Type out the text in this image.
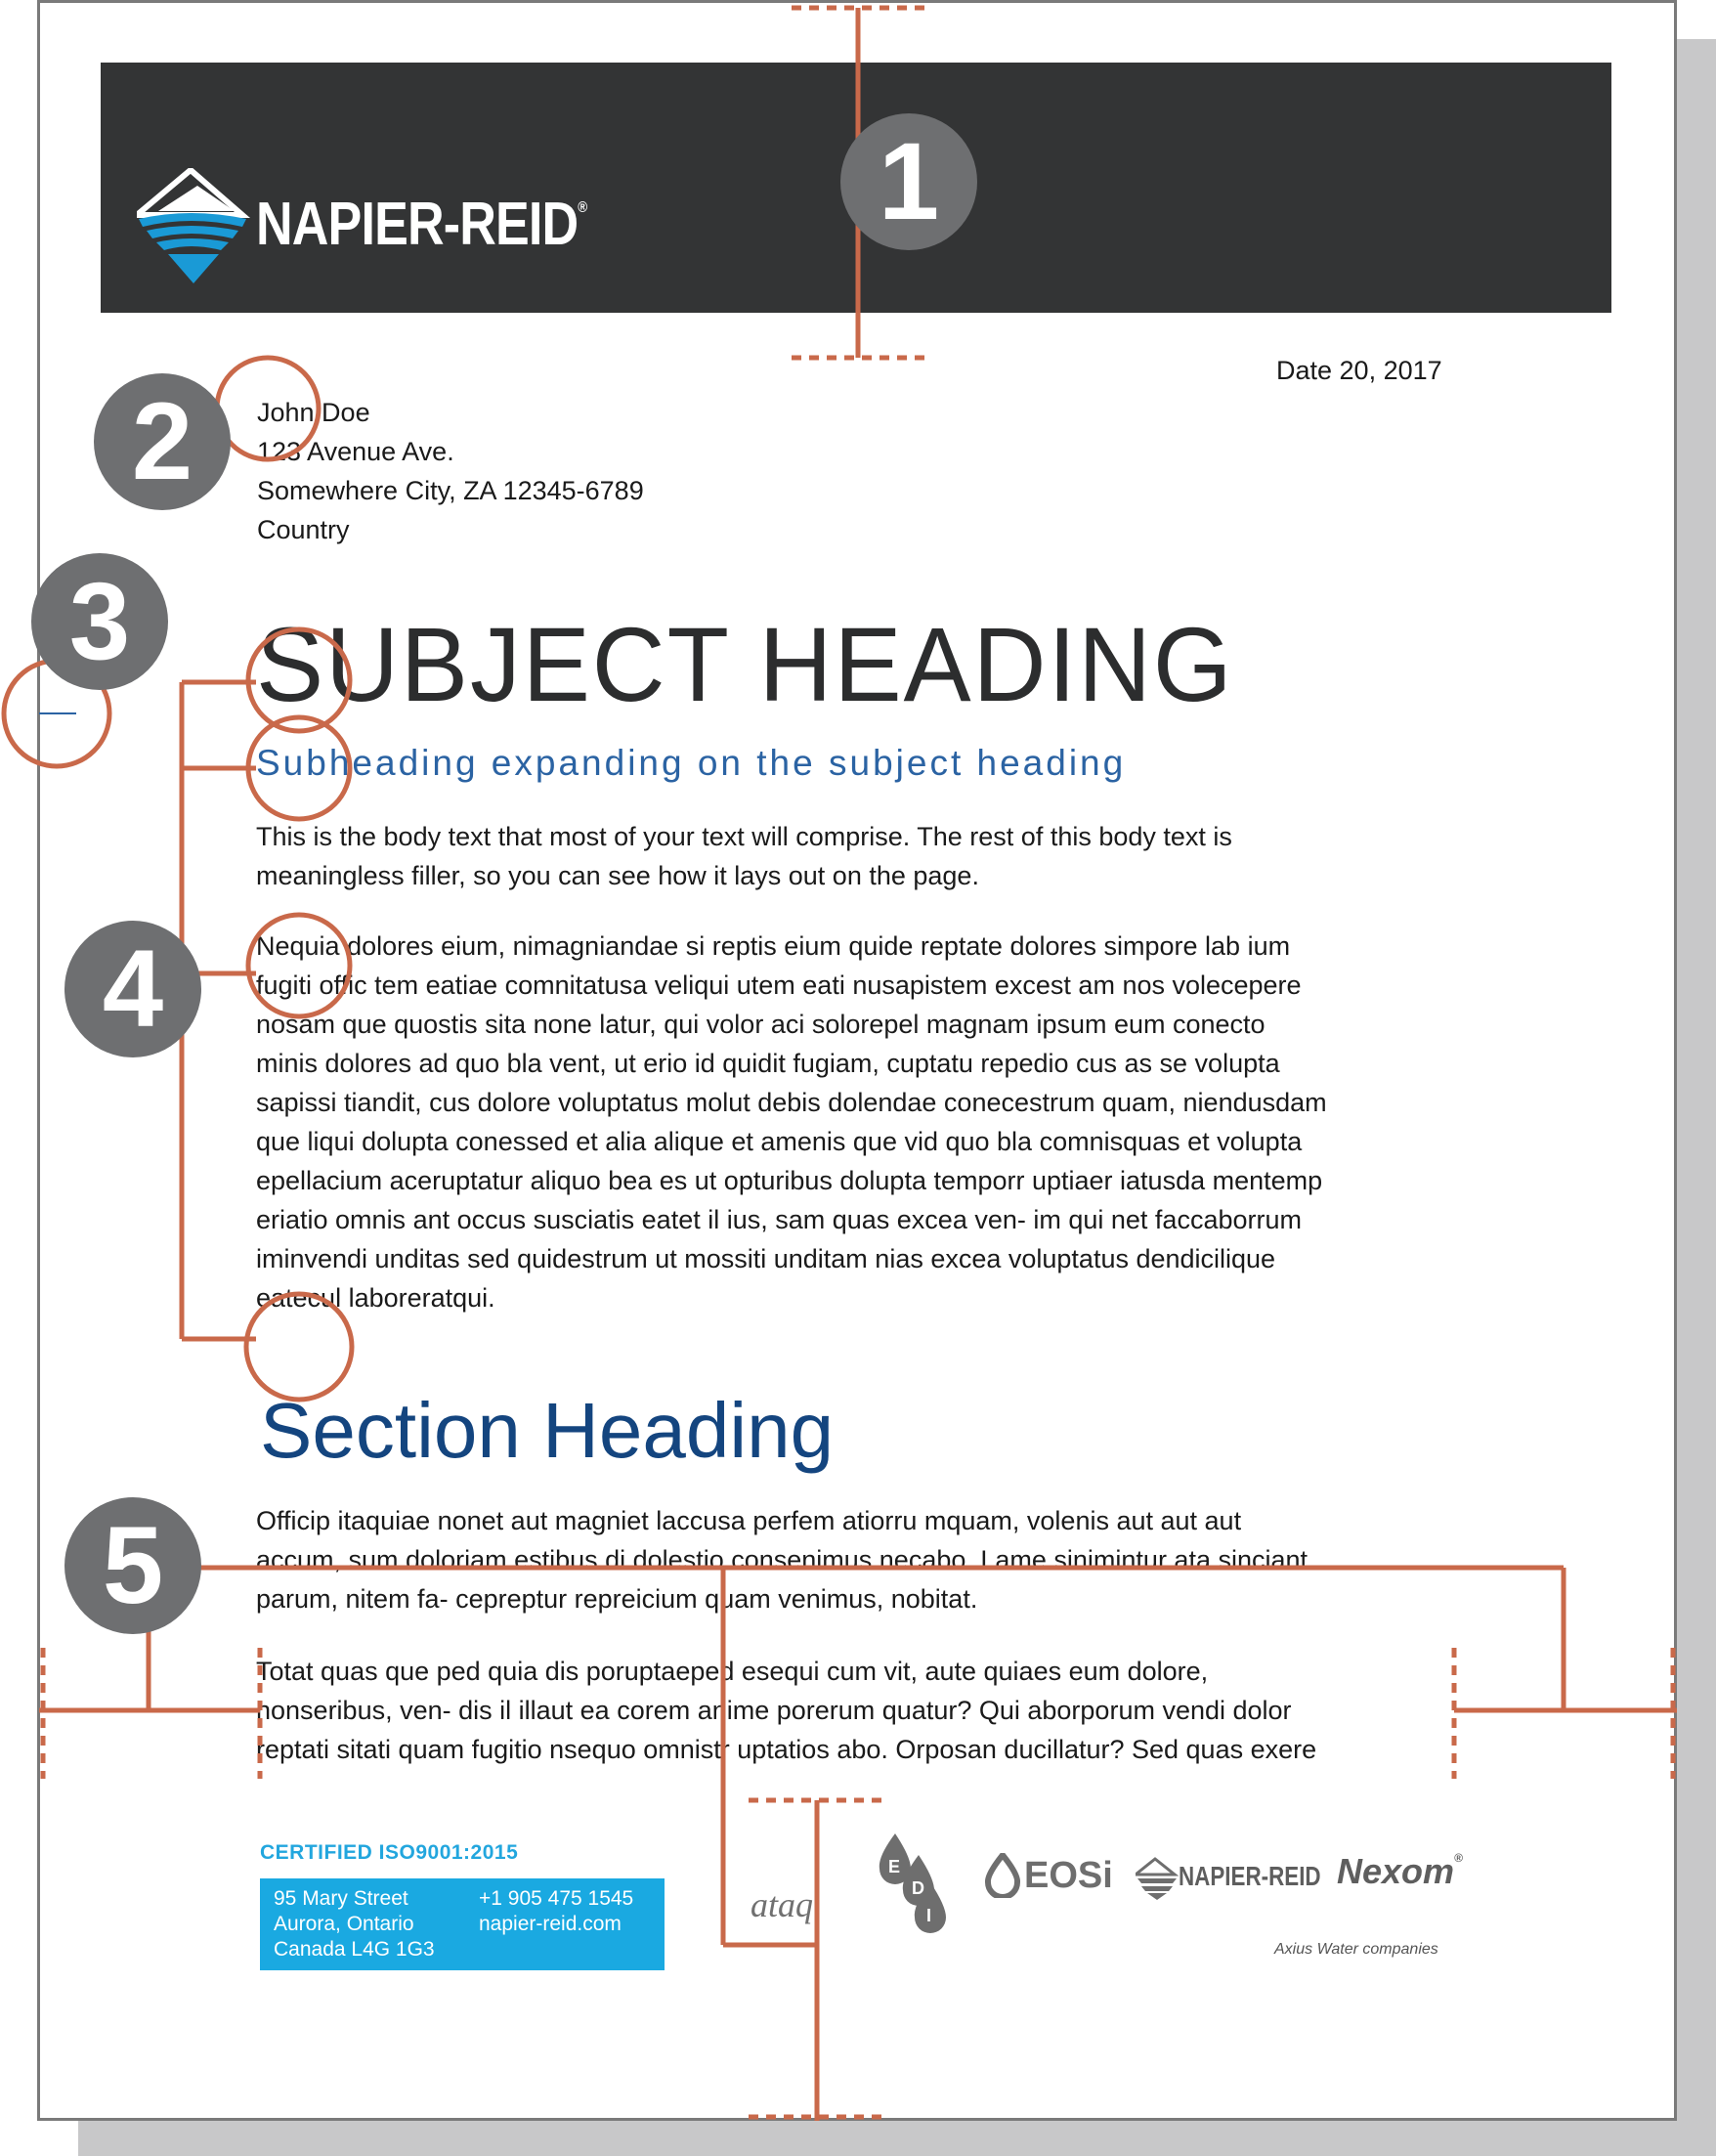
NAPIER-REID®
Date 20, 2017
John Doe
123 Avenue Ave.
Somewhere City, ZA 12345-6789
Country
SUBJECT HEADING
Subheading expanding on the subject heading
This is the body text that most of your text will comprise. The rest of this body text is
meaningless filler, so you can see how it lays out on the page.
Nequia dolores eium, nimagniandae si reptis eium quide reptate dolores simpore lab ium
fugiti offic tem eatiae comnitatusa veliqui utem eati nusapistem excest am nos volecepere
nosam que quostis sita none latur, qui volor aci solorepel magnam ipsum eum conecto
minis dolores ad quo bla vent, ut erio id quidit fugiam, cuptatu repedio cus as se volupta
sapissi tiandit, cus dolore voluptatus molut debis dolendae conecestrum quam, niendusdam
que liqui dolupta conessed et alia alique et amenis que vid quo bla comnisquas et volupta
epellacium aceruptatur aliquo bea es ut opturibus dolupta temporr uptiaer iatusda mentemp
eriatio omnis ant occus susciatis eatet il ius, sam quas excea ven- im qui net faccaborrum
iminvendi unditas sed quidestrum ut mossiti unditam nias excea voluptatus dendicilique
eatecul laboreratqui.
Section Heading
Officip itaquiae nonet aut magniet laccusa perfem atiorru mquam, volenis aut aut aut
accum, sum doloriam estibus di dolestio consenimus necabo. Lame sinimintur ata sinciant
parum, nitem fa- cepreptur repreicium quam venimus, nobitat.
Totat quas que ped quia dis poruptaeped esequi cum vit, aute quiaes eum dolore,
nonseribus, ven- dis il illaut ea corem anime porerum quatur? Qui aborporum vendi dolor
reptati sitati quam fugitio nsequo omnistr uptatios abo. Orposan ducillatur? Sed quas exere
CERTIFIED ISO9001:2015
95 Mary Street
Aurora, Ontario
Canada L4G 1G3
+1 905 475 1545
napier-reid.com	ataq
E
D
I
EOSi NAPIER-REID Nexom®
Axius Water companies
1
2
3
4
5
